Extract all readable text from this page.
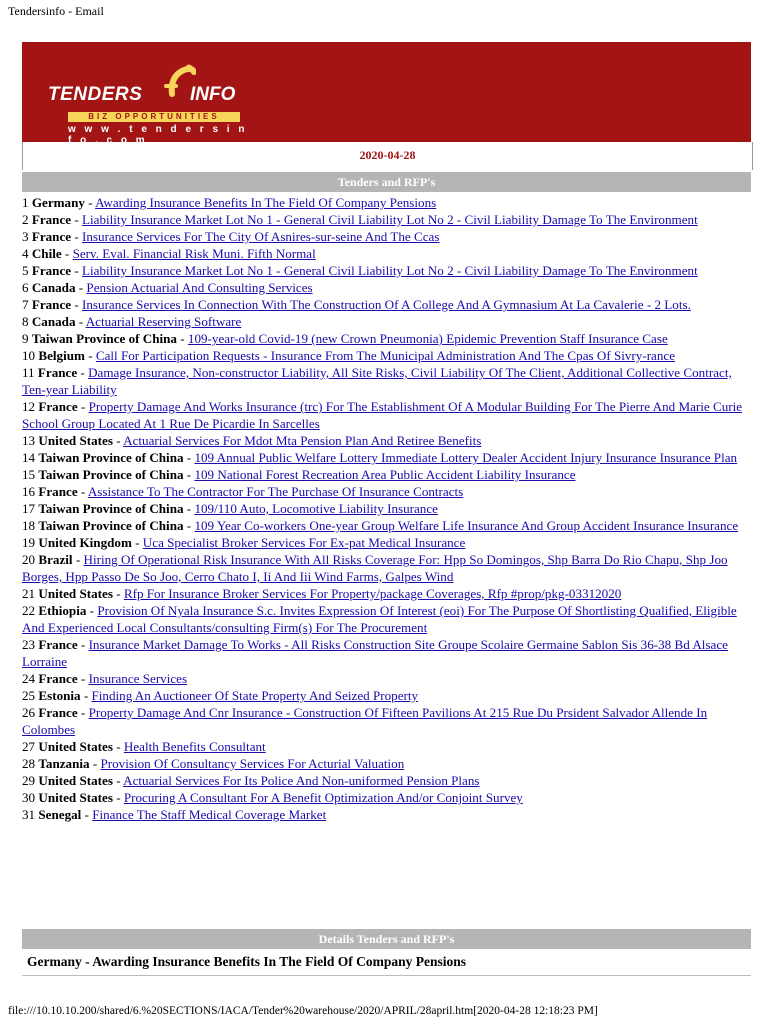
Tendersinfo - Email
TENDERS	INFO
BIZ OPPORTUNITIES
w w w . t e n d e r s i n f o . c o m
2020-04-28
Tenders and RFP's
1 Germany - Awarding Insurance Benefits In The Field Of Company Pensions
2 France - Liability Insurance Market Lot No 1 - General Civil Liability Lot No 2 - Civil Liability Damage To The Environment
3 France - Insurance Services For The City Of Asnires-sur-seine And The Ccas
4 Chile - Serv. Eval. Financial Risk Muni. Fifth Normal
5 France - Liability Insurance Market Lot No 1 - General Civil Liability Lot No 2 - Civil Liability Damage To The Environment
6 Canada - Pension Actuarial And Consulting Services
7 France - Insurance Services In Connection With The Construction Of A College And A Gymnasium At La Cavalerie - 2 Lots.
8 Canada - Actuarial Reserving Software
9 Taiwan Province of China - 109-year-old Covid-19 (new Crown Pneumonia) Epidemic Prevention Staff Insurance Case
10 Belgium - Call For Participation Requests - Insurance From The Municipal Administration And The Cpas Of Sivry-rance
11 France - Damage Insurance, Non-constructor Liability, All Site Risks, Civil Liability Of The Client, Additional Collective Contract, Ten-year Liability
12 France - Property Damage And Works Insurance (trc) For The Establishment Of A Modular Building For The Pierre And Marie Curie School Group Located At 1 Rue De Picardie In Sarcelles
13 United States - Actuarial Services For Mdot Mta Pension Plan And Retiree Benefits
14 Taiwan Province of China - 109 Annual Public Welfare Lottery Immediate Lottery Dealer Accident Injury Insurance Insurance Plan
15 Taiwan Province of China - 109 National Forest Recreation Area Public Accident Liability Insurance
16 France - Assistance To The Contractor For The Purchase Of Insurance Contracts
17 Taiwan Province of China - 109/110 Auto, Locomotive Liability Insurance
18 Taiwan Province of China - 109 Year Co-workers One-year Group Welfare Life Insurance And Group Accident Insurance Insurance
19 United Kingdom - Uca Specialist Broker Services For Ex-pat Medical Insurance
20 Brazil - Hiring Of Operational Risk Insurance With All Risks Coverage For: Hpp So Domingos, Shp Barra Do Rio Chapu, Shp Joo Borges, Hpp Passo De So Joo, Cerro Chato I, Ii And Iii Wind Farms, Galpes Wind
21 United States - Rfp For Insurance Broker Services For Property/package Coverages, Rfp #prop/pkg-03312020
22 Ethiopia - Provision Of Nyala Insurance S.c. Invites Expression Of Interest (eoi) For The Purpose Of Shortlisting Qualified, Eligible And Experienced Local Consultants/consulting Firm(s) For The Procurement
23 France - Insurance Market Damage To Works - All Risks Construction Site Groupe Scolaire Germaine Sablon Sis 36-38 Bd Alsace Lorraine
24 France - Insurance Services
25 Estonia - Finding An Auctioneer Of State Property And Seized Property
26 France - Property Damage And Cnr Insurance - Construction Of Fifteen Pavilions At 215 Rue Du Prsident Salvador Allende In Colombes
27 United States - Health Benefits Consultant
28 Tanzania - Provision Of Consultancy Services For Acturial Valuation
29 United States - Actuarial Services For Its Police And Non-uniformed Pension Plans
30 United States - Procuring A Consultant For A Benefit Optimization And/or Conjoint Survey
31 Senegal - Finance The Staff Medical Coverage Market
Details Tenders and RFP's
Germany - Awarding Insurance Benefits In The Field Of Company Pensions
file:///10.10.10.200/shared/6.%20SECTIONS/IACA/Tender%20warehouse/2020/APRIL/28april.htm[2020-04-28 12:18:23 PM]
